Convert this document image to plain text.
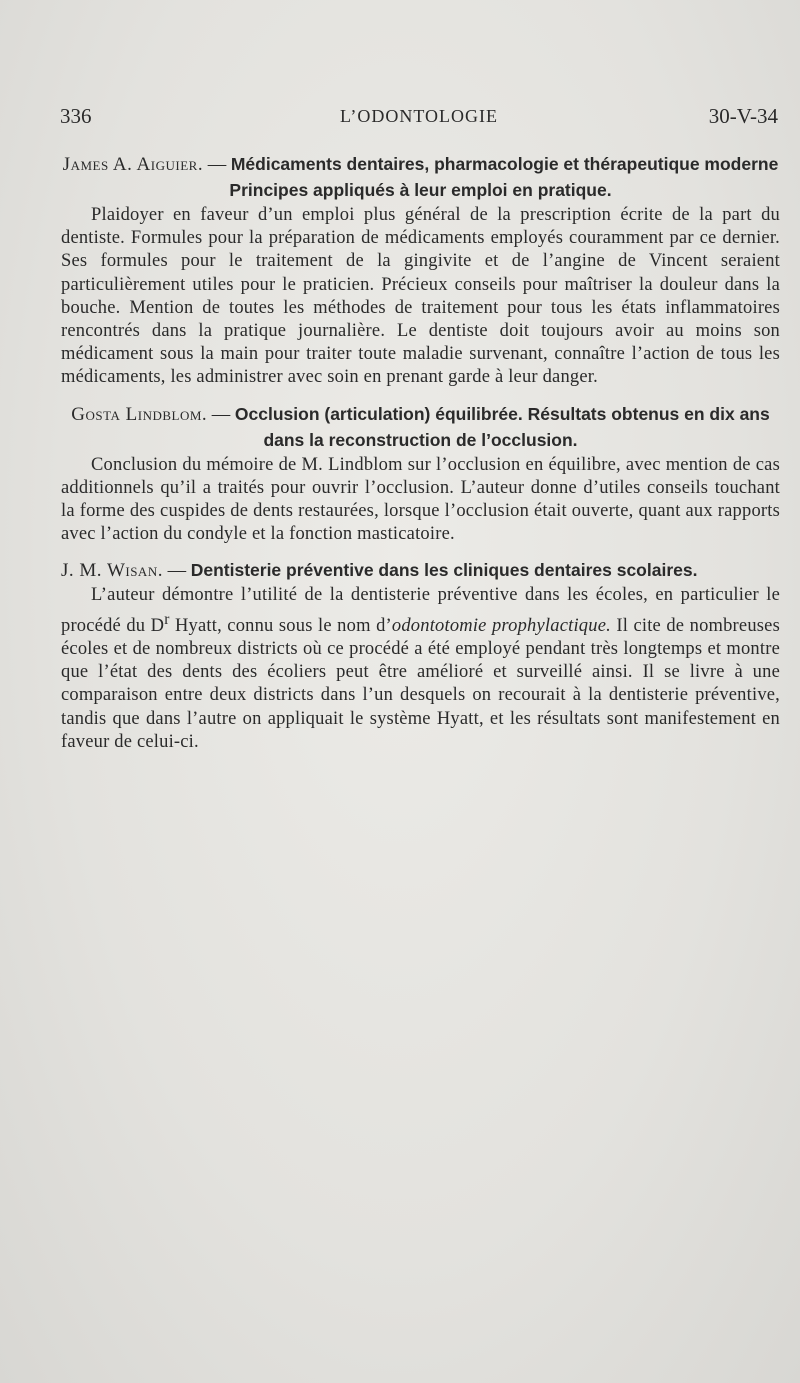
336	L’ODONTOLOGIE	30-V-34
James A. Aiguier. — Médicaments dentaires, pharmacologie et thérapeutique moderne Principes appliqués à leur emploi en pratique.

Plaidoyer en faveur d’un emploi plus général de la prescription écrite de la part du dentiste. Formules pour la préparation de médicaments employés couramment par ce dernier. Ses formules pour le traitement de la gingivite et de l’angine de Vincent seraient particulièrement utiles pour le praticien. Précieux conseils pour maîtriser la douleur dans la bouche. Mention de toutes les méthodes de traitement pour tous les états inflammatoires rencontrés dans la pratique journalière. Le dentiste doit toujours avoir au moins son médicament sous la main pour traiter toute maladie survenant, connaître l’action de tous les médicaments, les administrer avec soin en prenant garde à leur danger.

Gosta Lindblom. — Occlusion (articulation) équilibrée. Résultats obtenus en dix ans dans la reconstruction de l’occlusion.

Conclusion du mémoire de M. Lindblom sur l’occlusion en équilibre, avec mention de cas additionnels qu’il a traités pour ouvrir l’occlusion. L’auteur donne d’utiles conseils touchant la forme des cuspides de dents restaurées, lorsque l’occlusion était ouverte, quant aux rapports avec l’action du condyle et la fonction masticatoire.

J. M. Wisan. — Dentisterie préventive dans les cliniques dentaires scolaires.

L’auteur démontre l’utilité de la dentisterie préventive dans les écoles, en particulier le procédé du $D^r$ Hyatt, connu sous le nom d’odontotomie prophylactique. Il cite de nombreuses écoles et de nombreux districts où ce procédé a été employé pendant très longtemps et montre que l’état des dents des écoliers peut être amélioré et surveillé ainsi. Il se livre à une comparaison entre deux districts dans l’un desquels on recourait à la dentisterie préventive, tandis que dans l’autre on appliquait le système Hyatt, et les résultats sont manifestement en faveur de celui-ci.
